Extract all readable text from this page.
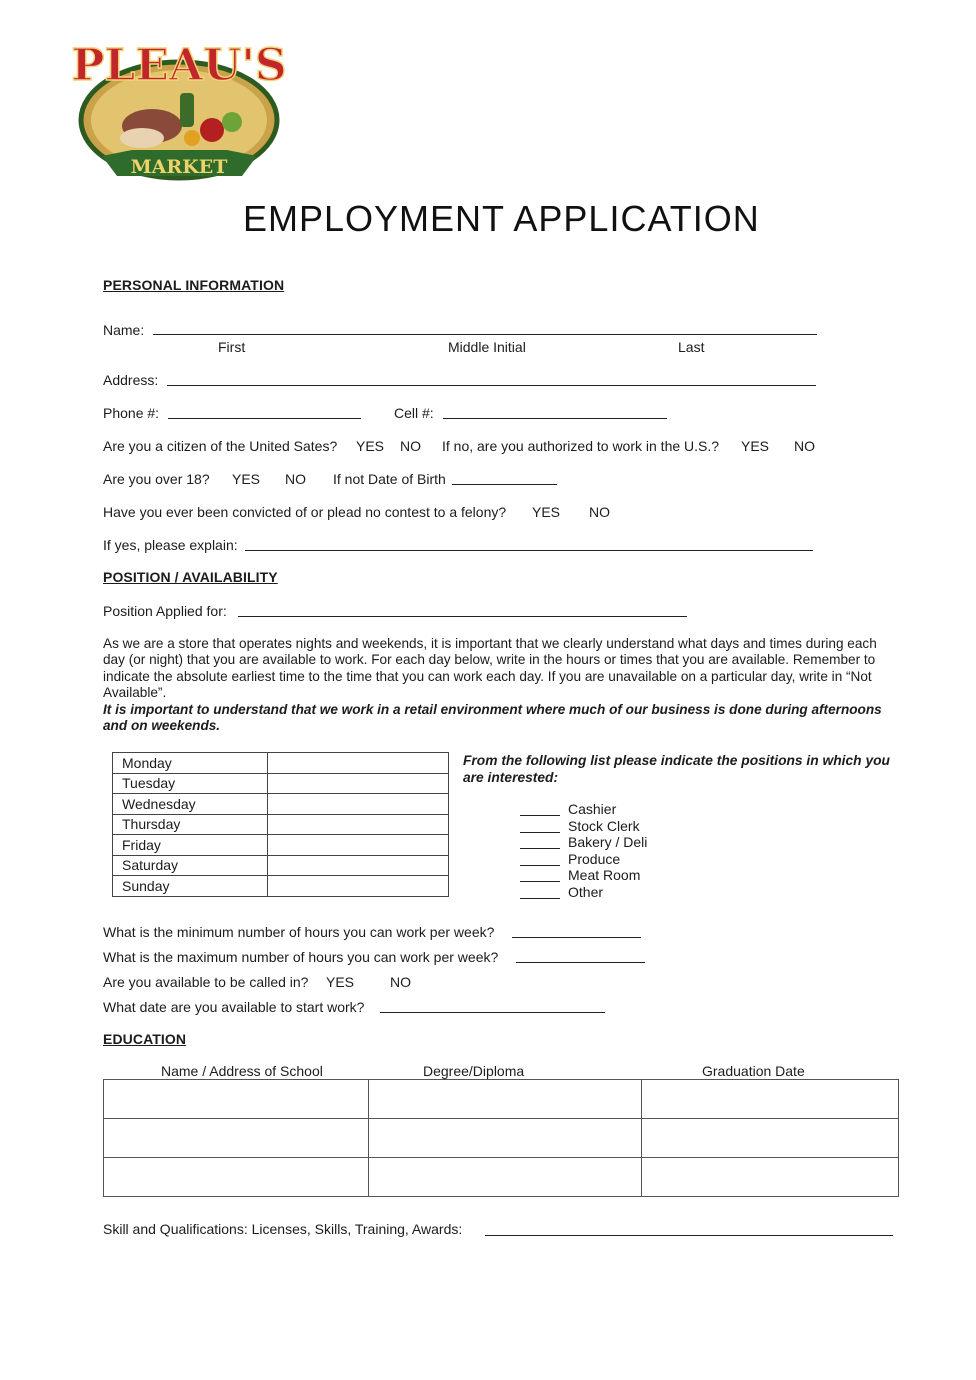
MARKET
PLEAU'S
EMPLOYMENT APPLICATION
PERSONAL INFORMATION
Name:
First	Middle Initial	Last
Address:
Phone #:	Cell #:
Are you a citizen of the United Sates? YES NO If no, are you authorized to work in the U.S.? YES NO
Are you over 18? YES NO If not Date of Birth
Have you ever been convicted of or plead no contest to a felony? YES NO
If yes, please explain:
POSITION / AVAILABILITY
Position Applied for:
As we are a store that operates nights and weekends, it is important that we clearly understand what days and times during each day (or night) that you are available to work. For each day below, write in the hours or times that you are available. Remember to indicate the absolute earliest time to the time that you can work each day. If you are unavailable on a particular day, write in “Not Available”.
It is important to understand that we work in a retail environment where much of our business is done during afternoons and on weekends.
Monday	
Tuesday	
Wednesday	
Thursday	
Friday	
Saturday	
Sunday	
From the following list please indicate the positions in which you are interested:
Cashier
Stock Clerk
Bakery / Deli
Produce
Meat Room
Other
What is the minimum number of hours you can work per week?
What is the maximum number of hours you can work per week?
Are you available to be called in? YES	NO
What date are you available to start work?
EDUCATION
Name / Address of School	Degree/Diploma	Graduation Date

Skill and Qualifications: Licenses, Skills, Training, Awards:
